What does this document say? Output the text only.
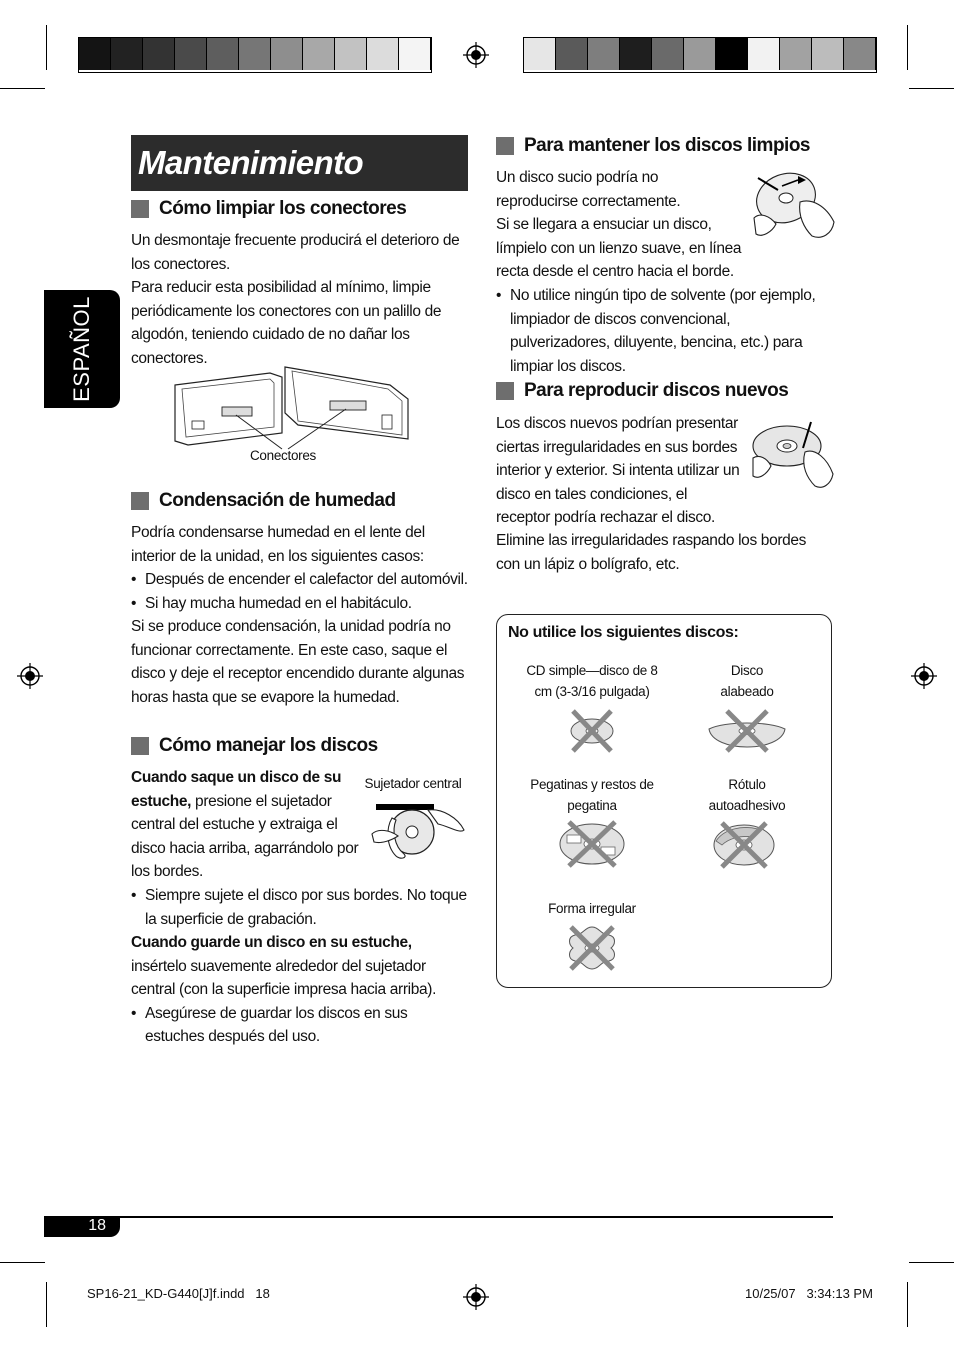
ESPAÑOL
Mantenimiento
Cómo limpiar los conectores

Un desmontaje frecuente producirá el deterioro de los conectores.

Para reducir esta posibilidad al mínimo, limpie periódicamente los conectores con un palillo de algodón, teniendo cuidado de no dañar los conectores.

Conectores
Condensación de humedad

Podría condensarse humedad en el lente del interior de la unidad, en los siguientes casos:

• Después de encender el calefactor del automóvil.

• Si hay mucha humedad en el habitáculo.

Si se produce condensación, la unidad podría no funcionar correctamente. En este caso, saque el disco y deje el receptor encendido durante algunas horas hasta que se evapore la humedad.

Cómo manejar los discos

Cuando saque un disco de su estuche, presione el sujetador central del estuche y extraiga el disco hacia arriba, agarrándolo por los bordes.

Sujetador central

• Siempre sujete el disco por sus bordes. No toque la superficie de grabación.

Cuando guarde un disco en su estuche, insértelo suavemente alrededor del sujetador central (con la superficie impresa hacia arriba).

• Asegúrese de guardar los discos en sus estuches después del uso.

Para mantener los discos limpios

Un disco sucio podría no reproducirse correctamente.

Si se llegara a ensuciar un disco, límpielo con un lienzo suave, en línea recta desde el centro hacia el borde.

• No utilice ningún tipo de solvente (por ejemplo, limpiador de discos convencional, pulverizadores, diluyente, bencina, etc.) para limpiar los discos.

Para reproducir discos nuevos

Los discos nuevos podrían presentar ciertas irregularidades en sus bordes interior y exterior. Si intenta utilizar un disco en tales condiciones, el receptor podría rechazar el disco.

Elimine las irregularidades raspando los bordes con un lápiz o bolígrafo, etc.

No utilice los siguientes discos:
CD simple—disco de 8 cm (3-3/16 pulgada)
Disco alabeado
Pegatinas y restos de pegatina
Rótulo autoadhesivo
Forma irregular
18
SP16-21_KD-G440[J]f.indd   18	10/25/07   3:34:13 PM
